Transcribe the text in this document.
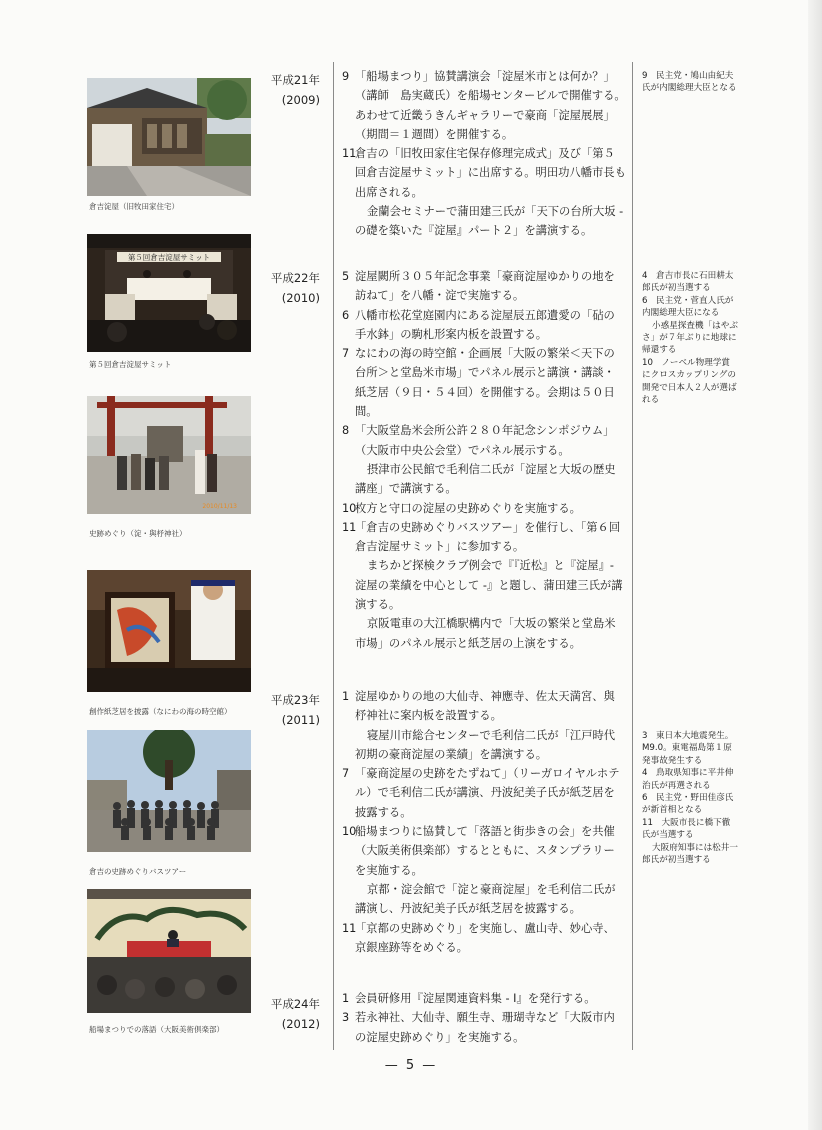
倉吉淀屋（旧牧田家住宅）
第５回倉吉淀屋サミット
第５回倉吉淀屋サミット
2010/11/13
史跡めぐり（淀・與杼神社）
創作紙芝居を披露（なにわの海の時空館）
倉吉の史跡めぐりバスツアー
船場まつりでの落語（大阪美術倶楽部）
平成21年
(2009)
平成22年
(2010)
平成23年
(2011)
平成24年
(2012)

9 「船場まつり」協賛講演会「淀屋米市とは何か？」（講師　島実蔵氏）を船場センタービルで開催する。あわせて近畿うきんギャラリーで豪商「淀屋展展」（期間＝１週間）を開催する。

11
倉吉の「旧牧田家住宅保存修理完成式」及び「第５回倉吉淀屋サミット」に出席する。明田功八幡市長も出席される。

金蘭会セミナーで蒲田建三氏が「天下の台所大坂 - の礎を築いた『淀屋』パート２」を講演する。

5 淀屋闕所３０５年記念事業「豪商淀屋ゆかりの地を訪ねて」を八幡・淀で実施する。

6 八幡市松花堂庭園内にある淀屋辰五郎遺愛の「砧の手水鉢」の駒札形案内板を設置する。

7 なにわの海の時空館・企画展「大阪の繁栄＜天下の台所＞と堂島米市場」でパネル展示と講演・講談・紙芝居（９日・５４回）を開催する。会期は５０日間。

8 「大阪堂島米会所公許２８０年記念シンポジウム」（大阪市中央公会堂）でパネル展示する。

摂津市公民館で毛利信二氏が「淀屋と大坂の歴史講座」で講演する。

10
枚方と守口の淀屋の史跡めぐりを実施する。

11
「倉吉の史跡めぐりバスツアー」を催行し、「第６回 倉吉淀屋サミット」に参加する。

まちかど探検クラブ例会で『『近松』と『淀屋』- 淀屋の業績を中心として -』と題し、蒲田建三氏が講演する。

京阪電車の大江橋駅構内で「大坂の繁栄と堂島米市場」のパネル展示と紙芝居の上演をする。

1 淀屋ゆかりの地の大仙寺、神應寺、佐太天満宮、與杼神社に案内板を設置する。

寝屋川市総合センターで毛利信二氏が「江戸時代初期の豪商淀屋の業績」を講演する。

7 「豪商淀屋の史跡をたずねて」（リーガロイヤルホテル）で毛利信二氏が講演、丹波紀美子氏が紙芝居を披露する。

10
船場まつりに協賛して「落語と街歩きの会」を共催（大阪美術倶楽部）するとともに、スタンプラリーを実施する。

京都・淀会館で「淀と豪商淀屋」を毛利信二氏が講演し、丹波紀美子氏が紙芝居を披露する。

11
「京都の史跡めぐり」を実施し、盧山寺、妙心寺、京銀座跡等をめぐる。

1 会員研修用『淀屋関連資料集 - Ⅰ』を発行する。

3 若永神社、大仙寺、願生寺、珊瑚寺など「大阪市内の淀屋史跡めぐり」を実施する。

9　民主党・鳩山由紀夫氏が内閣総理大臣となる

4　倉吉市長に石田耕太郎氏が初当選する

6　民主党・菅直人氏が内閣総理大臣になる

小惑星探査機「はやぶさ」が７年ぶりに地球に帰還する

10　ノーベル物理学賞にクロスカップリングの開発で日本人２人が選ばれる

3　東日本大地震発生。M9.0。東電福島第１原発事故発生する

4　鳥取県知事に平井伸治氏が再選される

6　民主党・野田佳彦氏が新首相となる

11　大阪市長に橋下徹氏が当選する

大阪府知事には松井一郎氏が初当選する

— 5 —
